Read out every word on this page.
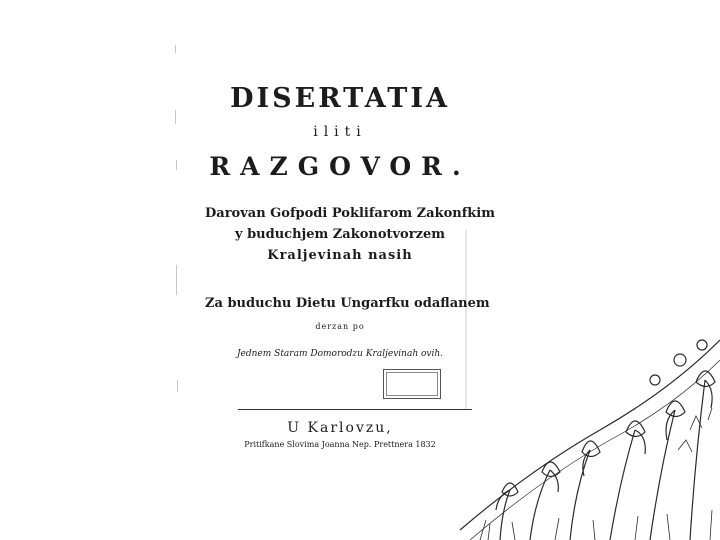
DISERTATIA
iliti
RAZGOVOR.
Darovan Gofpodi Poklifarom Zakonfkim
y buduchjem Zakonotvorzem
Kraljevinah nasih
Za buduchu Dietu Ungarfku odaflanem
derzan po
Jednem Staram Domorodzu Kraljevinah ovih.
U Karlovzu,
Pritifkane Slovima Joanna Nep. Prettnera 1832
